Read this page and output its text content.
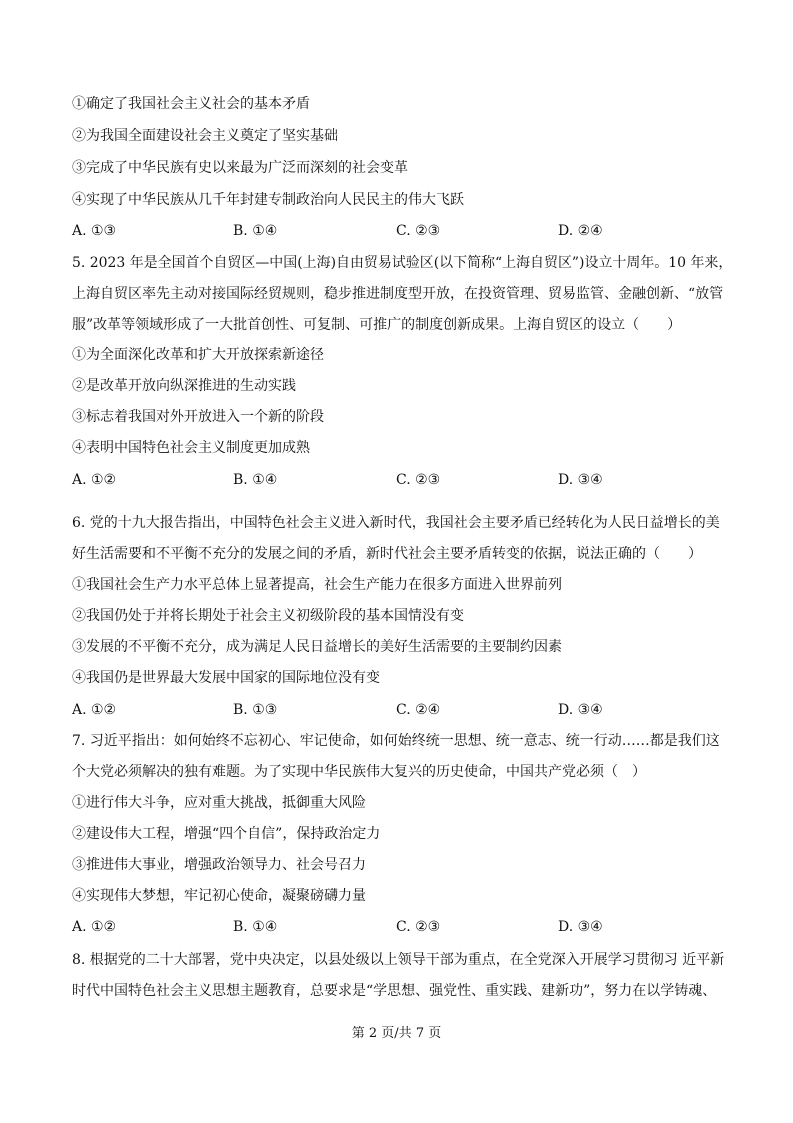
①确定了我国社会主义社会的基本矛盾
②为我国全面建设社会主义奠定了坚实基础
③完成了中华民族有史以来最为广泛而深刻的社会变革
④实现了中华民族从几千年封建专制政治向人民民主的伟大飞跃
A. ①③	B. ①④	C. ②③	D. ②④
5. 2023 年是全国首个自贸区—中国(上海)自由贸易试验区(以下简称“上海自贸区”)设立十周年。10 年来，
上海自贸区率先主动对接国际经贸规则，稳步推进制度型开放，在投资管理、贸易监管、金融创新、“放管
服”改革等领域形成了一大批首创性、可复制、可推广的制度创新成果。上海自贸区的设立（　　）
①为全面深化改革和扩大开放探索新途径
②是改革开放向纵深推进的生动实践
③标志着我国对外开放进入一个新的阶段
④表明中国特色社会主义制度更加成熟
A. ①②	B. ①④	C. ②③	D. ③④
6. 党的十九大报告指出，中国特色社会主义进入新时代，我国社会主要矛盾已经转化为人民日益增长的美
好生活需要和不平衡不充分的发展之间的矛盾，新时代社会主要矛盾转变的依据，说法正确的（　　）
①我国社会生产力水平总体上显著提高，社会生产能力在很多方面进入世界前列
②我国仍处于并将长期处于社会主义初级阶段的基本国情没有变
③发展的不平衡不充分，成为满足人民日益增长的美好生活需要的主要制约因素
④我国仍是世界最大发展中国家的国际地位没有变
A. ①②	B. ①③	C. ②④	D. ③④
7. 习近平指出：如何始终不忘初心、牢记使命，如何始终统一思想、统一意志、统一行动……都是我们这
个大党必须解决的独有难题。为了实现中华民族伟大复兴的历史使命，中国共产党必须（　）
①进行伟大斗争，应对重大挑战，抵御重大风险
②建设伟大工程，增强“四个自信”，保持政治定力
③推进伟大事业，增强政治领导力、社会号召力
④实现伟大梦想，牢记初心使命，凝聚磅礴力量
A. ①②	B. ①④	C. ②③	D. ③④
8. 根据党的二十大部署，党中央决定，以县处级以上领导干部为重点，在全党深入开展学习贯彻习 近平新
时代中国特色社会主义思想主题教育，总要求是“学思想、强党性、重实践、建新功”，努力在以学铸魂、
第 2 页/共 7 页
